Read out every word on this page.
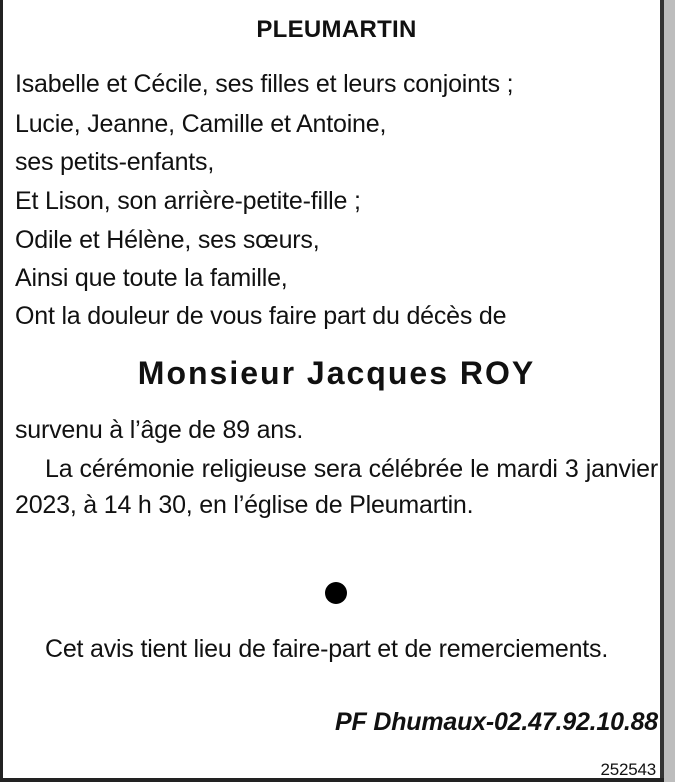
PLEUMARTIN
Isabelle et Cécile, ses filles et leurs conjoints ;
Lucie, Jeanne, Camille et Antoine,
ses petits-enfants,
Et Lison, son arrière-petite-fille ;
Odile et Hélène, ses sœurs,
Ainsi que toute la famille,
Ont la douleur de vous faire part du décès de
Monsieur Jacques ROY
survenu à l’âge de 89 ans.
La cérémonie religieuse sera célébrée le mardi 3 janvier 2023, à 14 h 30, en l’église de Pleumartin.
Cet avis tient lieu de faire-part et de remerciements.
PF Dhumaux-02.47.92.10.88
252543
